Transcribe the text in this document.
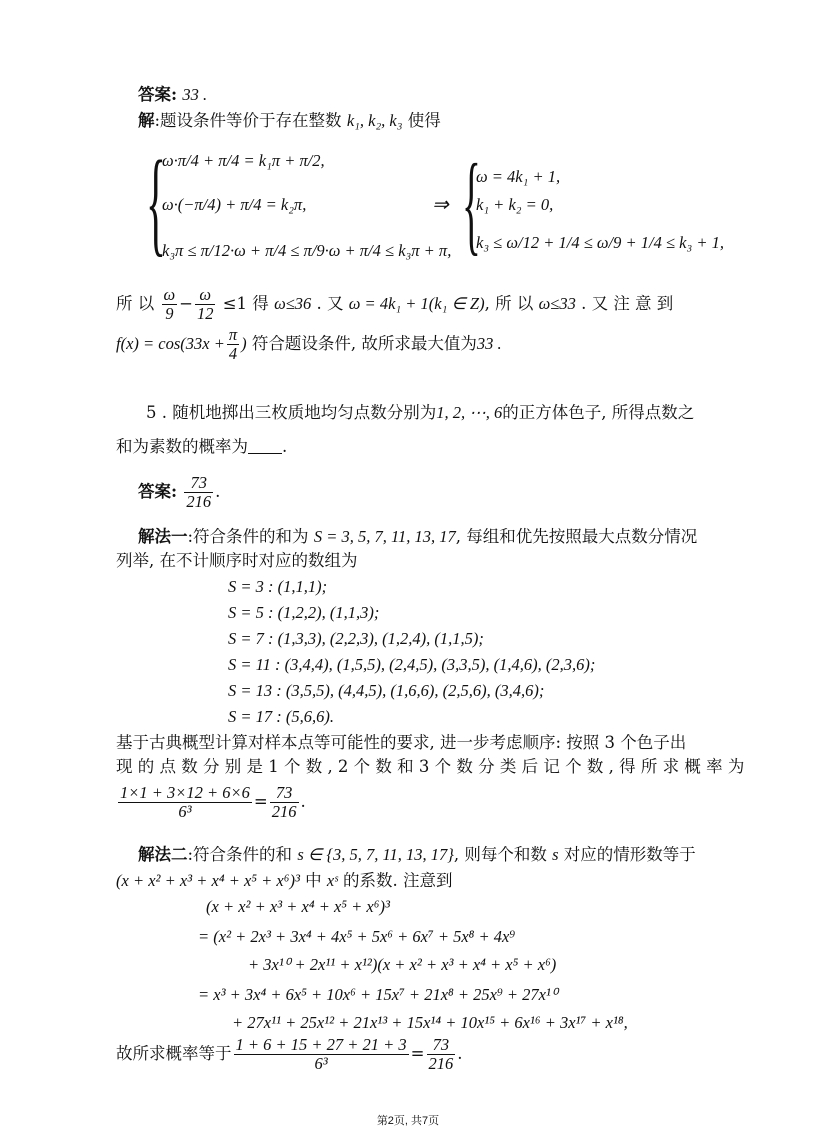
答案: 33 .
解:题设条件等价于存在整数 k₁, k₂, k₃ 使得
{
ω·π/4 + π/4 = k₁π + π/2,
ω·(−π/4) + π/4 = k₂π,
k₃π ≤ π/12·ω + π/4 ≤ π/9·ω + π/4 ≤ k₃π + π,
⇒ {
ω = 4k₁ + 1,
k₁ + k₂ = 0,
k₃ ≤ ω/12 + 1/4 ≤ ω/9 + 1/4 ≤ k₃ + 1,
所 以 $\frac{\omega}{9} - \frac{\omega}{12} \le 1$ 得 ω≤36 . 又 ω = 4k₁ + 1(k₁ ∈ Z), 所 以 ω≤33 . 又 注 意 到
$f(x) = \cos(33x + \frac{\pi}{4}$ ) 符合题设条件, 故所求最大值为33 .
5 . 随机地掷出三枚质地均匀点数分别为1, 2, ⋯, 6的正方体色子, 所得点数之
和为素数的概率为 .
答案: $\frac{73}{216}$ .
解法一:符合条件的和为 S = 3, 5, 7, 11, 13, 17, 每组和优先按照最大点数分情况
列举, 在不计顺序时对应的数组为
S = 3 : (1,1,1);
S = 5 : (1,2,2), (1,1,3);
S = 7 : (1,3,3), (2,2,3), (1,2,4), (1,1,5);
S = 11 : (3,4,4), (1,5,5), (2,4,5), (3,3,5), (1,4,6), (2,3,6);
S = 13 : (3,5,5), (4,4,5), (1,6,6), (2,5,6), (3,4,6);
S = 17 : (5,6,6).
基于古典概型计算对样本点等可能性的要求, 进一步考虑顺序: 按照 3 个色子出
现 的 点 数 分 别 是 1 个 数 , 2 个 数 和 3 个 数 分 类 后 记 个 数 , 得 所 求 概 率 为
$\frac{1\times 1 + 3\times 12 + 6\times 6}{\text{6³}} = \frac{73}{216}$ .
解法二:符合条件的和 s ∈ {3, 5, 7, 11, 13, 17}, 则每个和数 s 对应的情形数等于
(x + x² + x³ + x⁴ + x⁵ + x⁶)³ 中 xˢ 的系数. 注意到
(x + x² + x³ + x⁴ + x⁵ + x⁶)³
= (x² + 2x³ + 3x⁴ + 4x⁵ + 5x⁶ + 6x⁷ + 5x⁸ + 4x⁹
+ 3x¹⁰ + 2x¹¹ + x¹²)(x + x² + x³ + x⁴ + x⁵ + x⁶)
= x³ + 3x⁴ + 6x⁵ + 10x⁶ + 15x⁷ + 21x⁸ + 25x⁹ + 27x¹⁰
+ 27x¹¹ + 25x¹² + 21x¹³ + 15x¹⁴ + 10x¹⁵ + 6x¹⁶ + 3x¹⁷ + x¹⁸,
故所求概率等于 $\frac{1 + 6 + 15 + 27 + 21 + 3}{\text{6³}} = \frac{73}{216}$ .
第2页, 共7页
